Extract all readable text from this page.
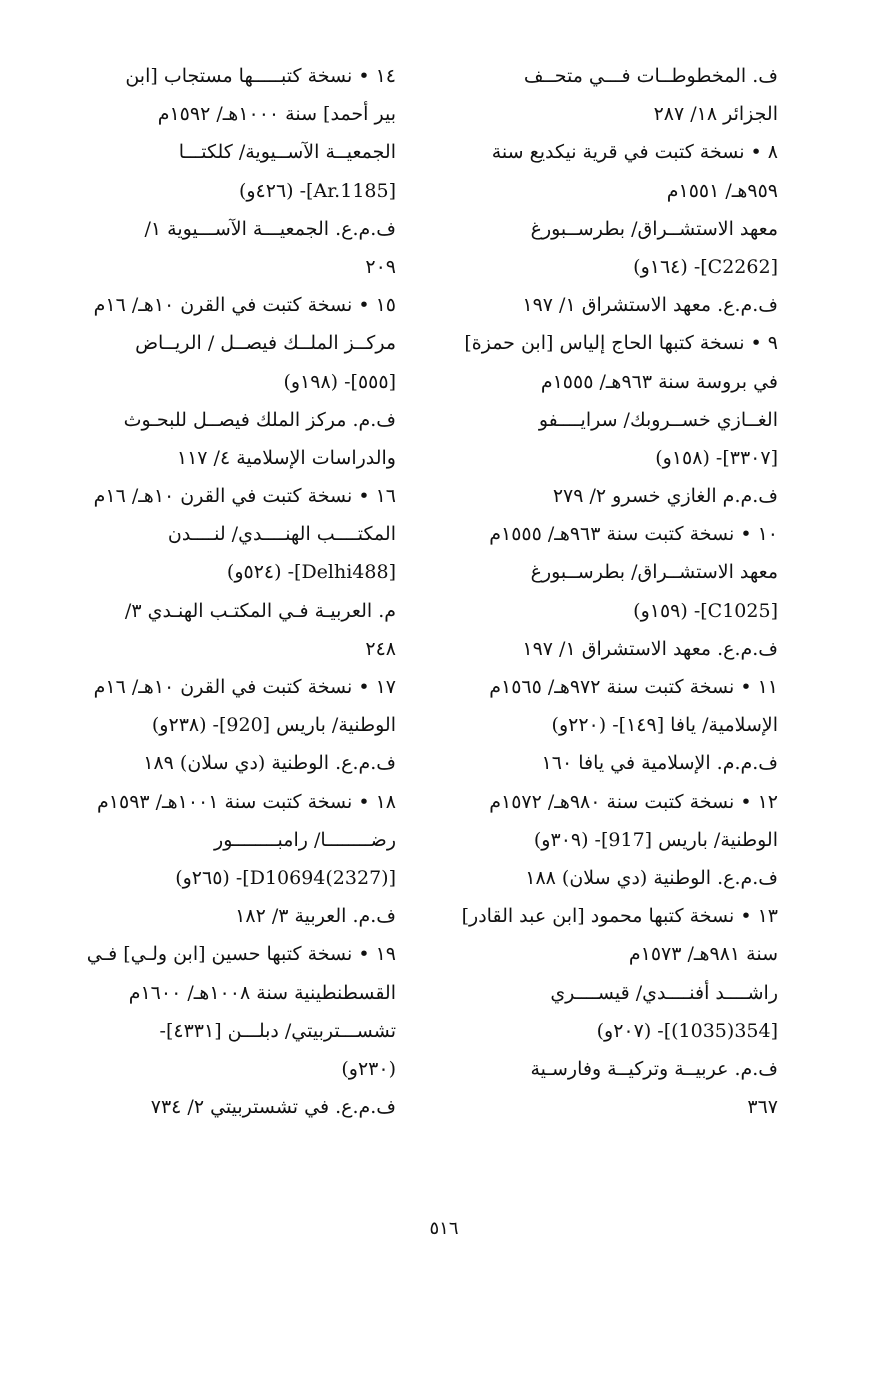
ف. المخطوطــات فـــي متحــف
الجزائر ١٨/ ٢٨٧
٨ • نسخة كتبت في قرية نيكديع سنة
٩٥٩هـ/ ١٥٥١م
معهد الاستشــراق/ بطرســبورغ
[C2262]- (١٦٤و)
ف.م.ع. معهد الاستشراق ١/ ١٩٧
٩ • نسخة كتبها الحاج إلياس [ابن حمزة]
في بروسة سنة ٩٦٣هـ/ ١٥٥٥م
الغــازي خســروبك/ سرايــــفو
[٣٣٠٧]- (١٥٨و)
ف.م.م الغازي خسرو ٢/ ٢٧٩
١٠ • نسخة كتبت سنة ٩٦٣هـ/ ١٥٥٥م
معهد الاستشــراق/ بطرســبورغ
[C1025]- (١٥٩و)
ف.م.ع. معهد الاستشراق ١/ ١٩٧
١١ • نسخة كتبت سنة ٩٧٢هـ/ ١٥٦٥م
الإسلامية/ يافا [١٤٩]- (٢٢٠و)
ف.م.م. الإسلامية في يافا ١٦٠
١٢ • نسخة كتبت سنة ٩٨٠هـ/ ١٥٧٢م
الوطنية/ باريس [917]- (٣٠٩و)
ف.م.ع. الوطنية (دي سلان) ١٨٨
١٣ • نسخة كتبها محمود [ابن عبد القادر]
سنة ٩٨١هـ/ ١٥٧٣م
راشــــد أفنــــدي/ قيســــري
[354(1035)]- (٢٠٧و)
ف.م. عربيــة وتركيــة وفارسـية
٣٦٧
١٤ • نسخة كتبـــــها مستجاب [ابن
بير أحمد] سنة ١٠٠٠هـ/ ١٥٩٢م
الجمعيــة الآســيوية/ كلكتـــا
[Ar.1185]- (٤٢٦و)
ف.م.ع. الجمعيـــة الآســـيوية ١/
٢٠٩
١٥ • نسخة كتبت في القرن ١٠هـ/ ١٦م
مركــز الملــك فيصــل / الريــاض
[٥٥٥]- (١٩٨و)
ف.م. مركز الملك فيصــل للبحـوث
والدراسات الإسلامية ٤/ ١١٧
١٦ • نسخة كتبت في القرن ١٠هـ/ ١٦م
المكتــــب الهنــــدي/ لنــــدن
[Delhi488]- (٥٢٤و)
م. العربيـة فـي المكتـب الهنـدي ٣/
٢٤٨
١٧ • نسخة كتبت في القرن ١٠هـ/ ١٦م
الوطنية/ باريس [920]- (٢٣٨و)
ف.م.ع. الوطنية (دي سلان) ١٨٩
١٨ • نسخة كتبت سنة ١٠٠١هـ/ ١٥٩٣م
رضــــــــا/ رامبــــــــور
[D10694(2327)]- (٢٦٥و)
ف.م. العربية ٣/ ١٨٢
١٩ • نسخة كتبها حسين [ابن ولـي] فـي
القسطنطينية سنة ١٠٠٨هـ/ ١٦٠٠م
تشســـتربيتي/ دبلـــن [٤٣٣١]-
(٢٣٠و)
ف.م.ع. في تشستربيتي ٢/ ٧٣٤
٥١٦
